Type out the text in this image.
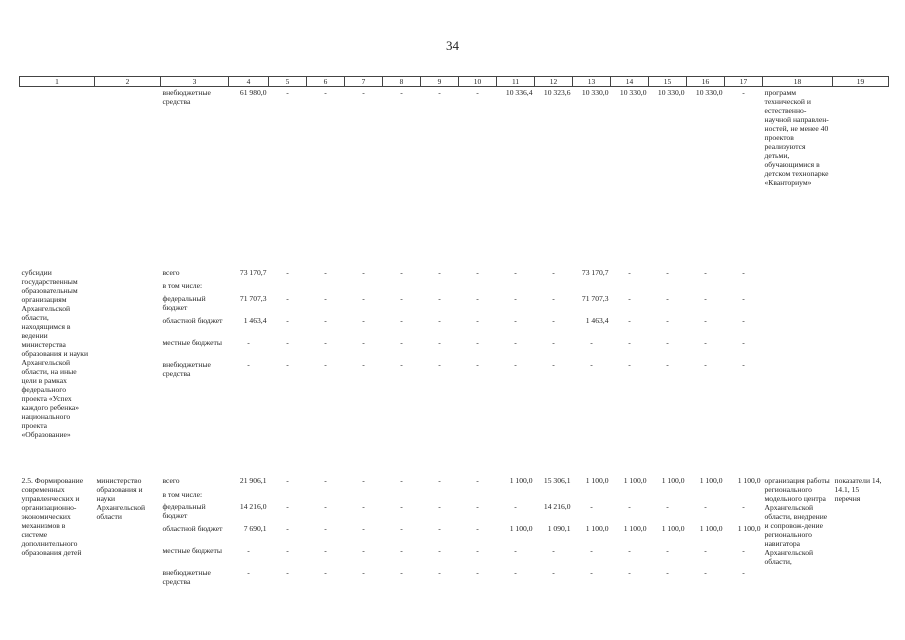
34
1	2	3	4	5	6	7	8	9	10	11	12	13	14	15	16	17	18	19
		внебюджетные средства	61 980,0	-	-	-	-	-	-	10 336,4	10 323,6	10 330,0	10 330,0	10 330,0	10 330,0	-	программ технической и естественно-научной направлен-ностей, не менее 40 проектов реализуются детьми, обучающимися в детском технопарке «Кванториум»	

субсидии государственным образовательным организациям Архангельской области, находящимся в ведении министерства образования и науки Архангельской области, на иные цели в рамках федерального проекта «Успех каждого ребенка» национального проекта «Образование»		всего	73 170,7	-	-	-	-	-	-	-	-	73 170,7	-	-	-	-		
		в том числе:																
		федеральный бюджет	71 707,3	-	-	-	-	-	-	-	-	71 707,3	-	-	-	-		
		областной бюджет	1 463,4	-	-	-	-	-	-	-	-	1 463,4	-	-	-	-		
		местные бюджеты	-	-	-	-	-	-	-	-	-	-	-	-	-	-		
		внебюджетные средства	-	-	-	-	-	-	-	-	-	-	-	-	-	-		

2.5. Формирование современных управленческих и организационно-экономических механизмов в системе дополнительного образования детей	министерство образования и науки Архангельской области	всего	21 906,1	-	-	-	-	-	-	1 100,0	15 306,1	1 100,0	1 100,0	1 100,0	1 100,0	1 100,0	организация работы регионального модельного центра Архангельской области, внедрение и сопровож-дение регионального навигатора Архангельской области,	показатели 14, 14.1, 15 перечня
		в том числе:																
		федеральный бюджет	14 216,0	-	-	-	-	-	-	-	14 216,0	-	-	-	-	-		
		областной бюджет	7 690,1	-	-	-	-	-	-	1 100,0	1 090,1	1 100,0	1 100,0	1 100,0	1 100,0	1 100,0		
		местные бюджеты	-	-	-	-	-	-	-	-	-	-	-	-	-	-		
		внебюджетные средства	-	-	-	-	-	-	-	-	-	-	-	-	-	-		
